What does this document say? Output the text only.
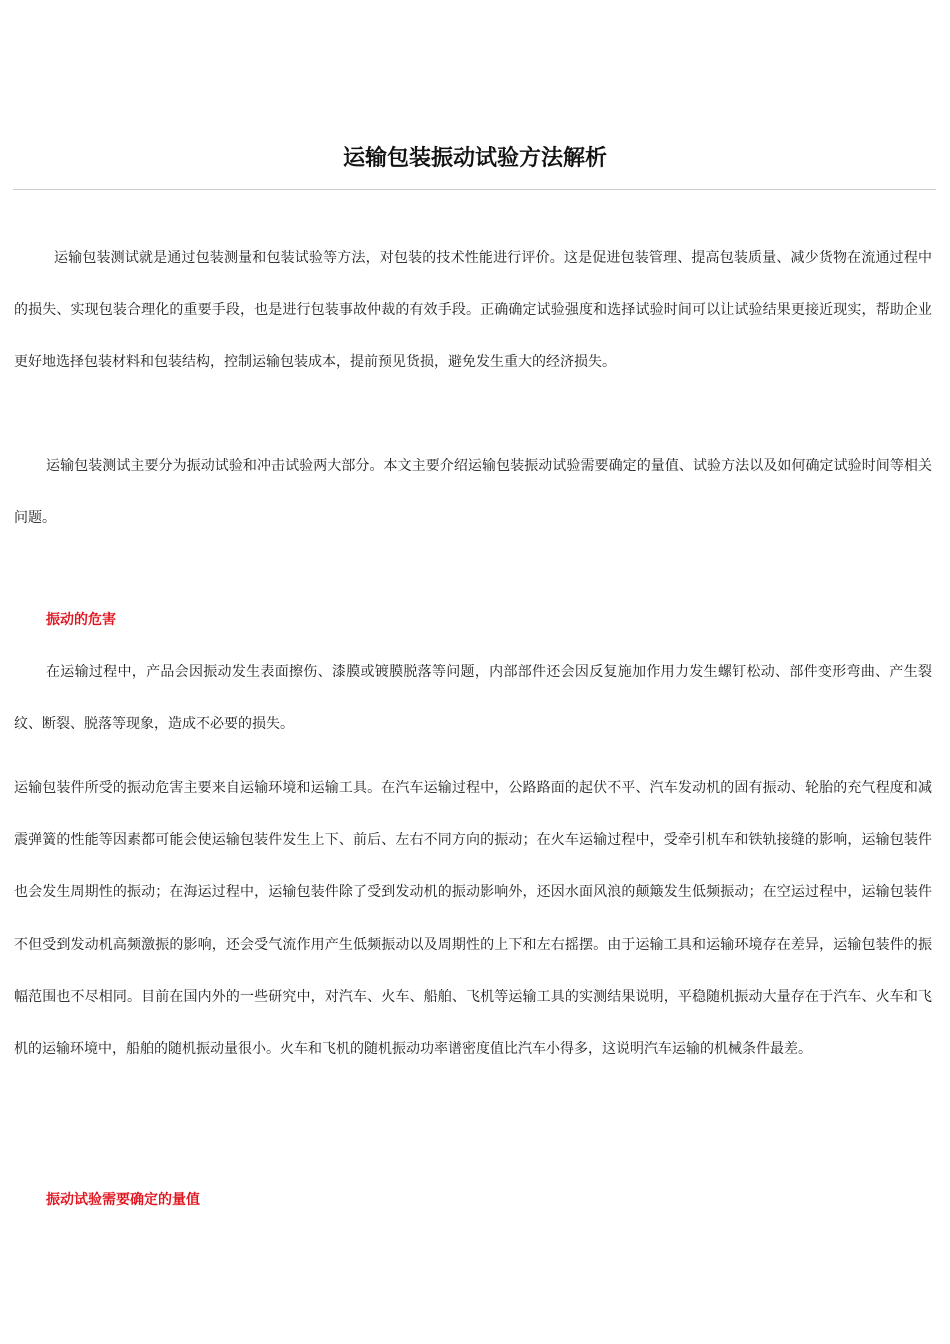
运输包装振动试验方法解析

运输包装测试就是通过包装测量和包装试验等方法，对包装的技术性能进行评价。这是促进包装管理、提高包装质量、减少货物在流通过程中的损失、实现包装合理化的重要手段，也是进行包装事故仲裁的有效手段。正确确定试验强度和选择试验时间可以让试验结果更接近现实，帮助企业更好地选择包装材料和包装结构，控制运输包装成本，提前预见货损，避免发生重大的经济损失。

运输包装测试主要分为振动试验和冲击试验两大部分。本文主要介绍运输包装振动试验需要确定的量值、试验方法以及如何确定试验时间等相关问题。

振动的危害

在运输过程中，产品会因振动发生表面擦伤、漆膜或镀膜脱落等问题，内部部件还会因反复施加作用力发生螺钉松动、部件变形弯曲、产生裂纹、断裂、脱落等现象，造成不必要的损失。

运输包装件所受的振动危害主要来自运输环境和运输工具。在汽车运输过程中，公路路面的起伏不平、汽车发动机的固有振动、轮胎的充气程度和减震弹簧的性能等因素都可能会使运输包装件发生上下、前后、左右不同方向的振动；在火车运输过程中，受牵引机车和铁轨接缝的影响，运输包装件也会发生周期性的振动；在海运过程中，运输包装件除了受到发动机的振动影响外，还因水面风浪的颠簸发生低频振动；在空运过程中，运输包装件不但受到发动机高频激振的影响，还会受气流作用产生低频振动以及周期性的上下和左右摇摆。由于运输工具和运输环境存在差异，运输包装件的振幅范围也不尽相同。目前在国内外的一些研究中，对汽车、火车、船舶、飞机等运输工具的实测结果说明，平稳随机振动大量存在于汽车、火车和飞机的运输环境中，船舶的随机振动量很小。火车和飞机的随机振动功率谱密度值比汽车小得多，这说明汽车运输的机械条件最差。

振动试验需要确定的量值
